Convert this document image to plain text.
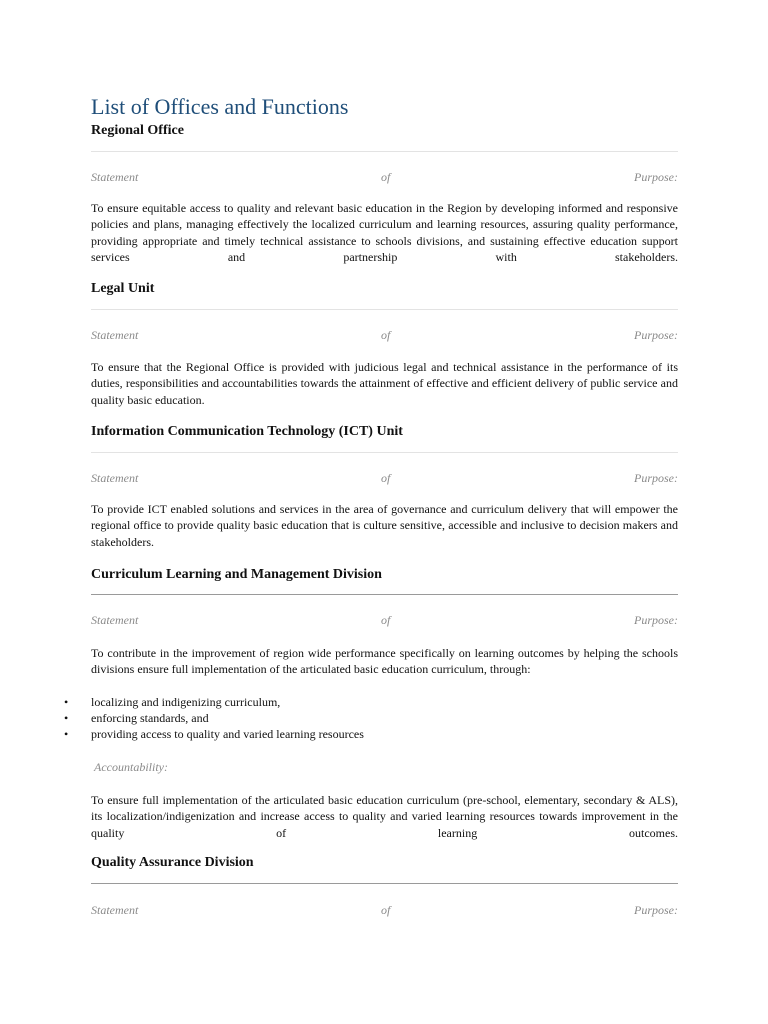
List of Offices and Functions
Regional Office
Statement	of	Purpose:

To ensure equitable access to quality and relevant basic education in the Region by developing informed and responsive policies and plans, managing effectively the localized curriculum and learning resources, assuring quality performance, providing appropriate and timely technical assistance to schools divisions, and sustaining effective education support services and partnership with stakeholders.

Legal Unit
Statement	of	Purpose:

To ensure that the Regional Office is provided with judicious legal and technical assistance in the performance of its duties, responsibilities and accountabilities towards the attainment of effective and efficient delivery of public service and quality basic education.

Information Communication Technology (ICT) Unit
Statement	of	Purpose:

To provide ICT enabled solutions and services in the area of governance and curriculum delivery that will empower the regional office to provide quality basic education that is culture sensitive, accessible and inclusive to decision makers and stakeholders.

Curriculum Learning and Management Division
Statement	of	Purpose:

To contribute in the improvement of region wide performance specifically on learning outcomes by helping the schools divisions ensure full implementation of the articulated basic education curriculum, through:

• localizing and indigenizing curriculum,
• enforcing standards, and
• providing access to quality and varied learning resources
Accountability:

To ensure full implementation of the articulated basic education curriculum (pre-school, elementary, secondary & ALS), its localization/indigenization and increase access to quality and varied learning resources towards improvement in the quality of learning outcomes.

Quality Assurance Division
Statement	of	Purpose:
